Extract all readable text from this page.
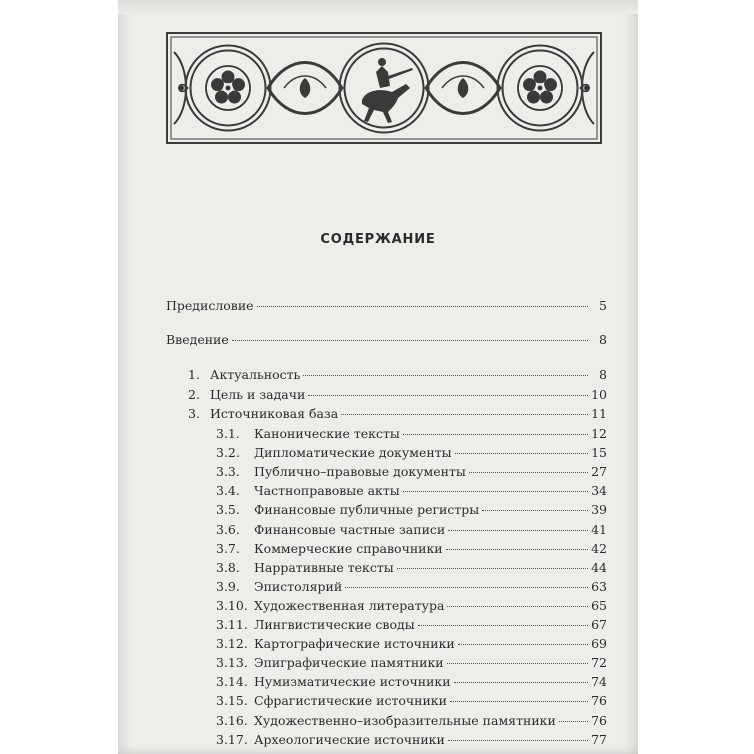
СОДЕРЖАНИЕ
Предисловие	5
Введение	8
1. Актуальность	8
2. Цель и задачи	10
3. Источниковая база	11
3.1.	Канонические тексты	12
3.2.	Дипломатические документы	15
3.3.	Публично–правовые документы	27
3.4.	Частноправовые акты	34
3.5.	Финансовые публичные регистры	39
3.6.	Финансовые частные записи	41
3.7.	Коммерческие справочники	42
3.8.	Нарративные тексты	44
3.9.	Эпистолярий	63
3.10. Художественная литература	65
3.11. Лингвистические своды	67
3.12. Картографические источники	69
3.13. Эпиграфические памятники	72
3.14. Нумизматические источники	74
3.15. Сфрагистические источники	76
3.16. Художественно–изобразительные памятники	76
3.17. Археологические источники	77
